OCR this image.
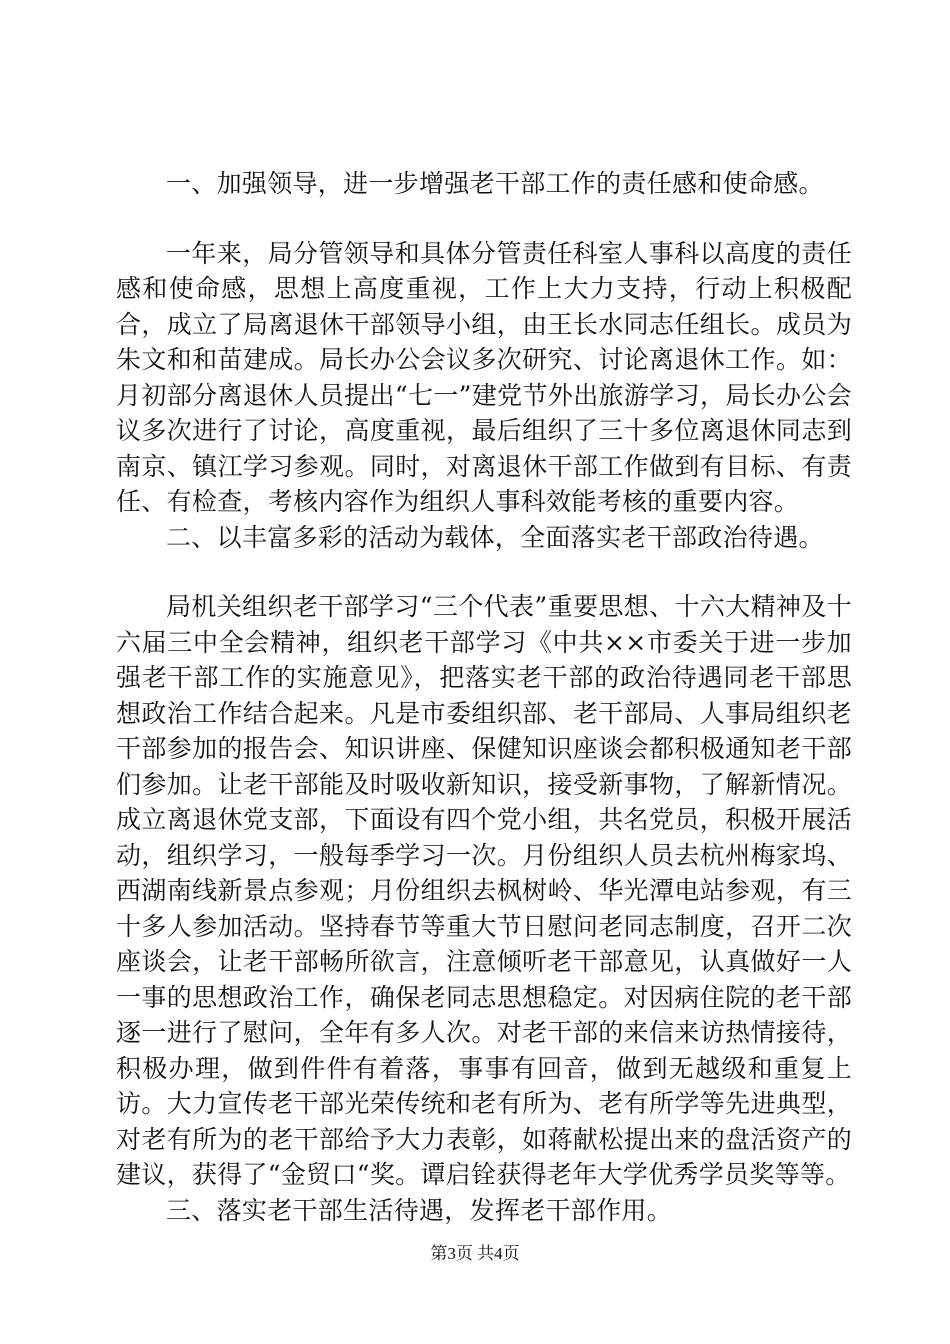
一、加强领导，进一步增强老干部工作的责任感和使命感。

一年来，局分管领导和具体分管责任科室人事科以高度的责任感和使命感，思想上高度重视，工作上大力支持，行动上积极配合，成立了局离退休干部领导小组，由王长水同志任组长。成员为朱文和和苗建成。局长办公会议多次研究、讨论离退休工作。如：月初部分离退休人员提出“七一”建党节外出旅游学习，局长办公会议多次进行了讨论，高度重视，最后组织了三十多位离退休同志到南京、镇江学习参观。同时，对离退休干部工作做到有目标、有责任、有检查，考核内容作为组织人事科效能考核的重要内容。

二、以丰富多彩的活动为载体，全面落实老干部政治待遇。

局机关组织老干部学习“三个代表”重要思想、十六大精神及十六届三中全会精神，组织老干部学习《中共××市委关于进一步加强老干部工作的实施意见》，把落实老干部的政治待遇同老干部思想政治工作结合起来。凡是市委组织部、老干部局、人事局组织老干部参加的报告会、知识讲座、保健知识座谈会都积极通知老干部们参加。让老干部能及时吸收新知识，接受新事物，了解新情况。成立离退休党支部，下面设有四个党小组，共名党员，积极开展活动，组织学习，一般每季学习一次。月份组织人员去杭州梅家坞、西湖南线新景点参观；月份组织去枫树岭、华光潭电站参观，有三十多人参加活动。坚持春节等重大节日慰问老同志制度，召开二次座谈会，让老干部畅所欲言，注意倾听老干部意见，认真做好一人一事的思想政治工作，确保老同志思想稳定。对因病住院的老干部逐一进行了慰问，全年有多人次。对老干部的来信来访热情接待，积极办理，做到件件有着落，事事有回音，做到无越级和重复上访。大力宣传老干部光荣传统和老有所为、老有所学等先进典型，对老有所为的老干部给予大力表彰，如蒋献松提出来的盘活资产的建议，获得了“金贸口“奖。谭启铨获得老年大学优秀学员奖等等。

三、落实老干部生活待遇，发挥老干部作用。

第3页 共4页
